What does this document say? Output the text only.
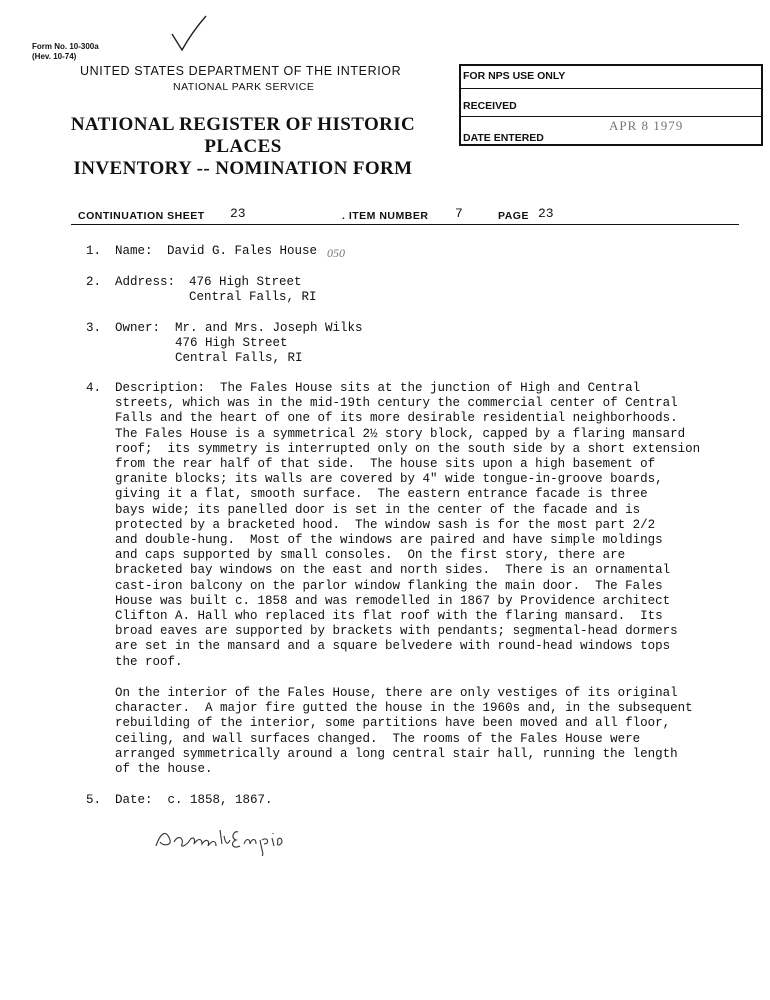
Form No. 10-300a
(Hev. 10-74)
UNITED STATES DEPARTMENT OF THE INTERIOR
NATIONAL PARK SERVICE
NATIONAL REGISTER OF HISTORIC PLACES
INVENTORY -- NOMINATION FORM
FOR NPS USE ONLY
RECEIVED
DATE ENTERED
APR 8 1979
CONTINUATION SHEET 23	. ITEM NUMBER 7	PAGE 23
1. Name: David G. Fales House 050
2. Address: 476 High Street
Central Falls, RI
3. Owner: Mr. and Mrs. Joseph Wilks
476 High Street
Central Falls, RI
4. Description:  The Fales House sits at the junction of High and Central
streets, which was in the mid-19th century the commercial center of Central
Falls and the heart of one of its more desirable residential neighborhoods.
The Fales House is a symmetrical 2½ story block, capped by a flaring mansard
roof;  its symmetry is interrupted only on the south side by a short extension
from the rear half of that side.  The house sits upon a high basement of
granite blocks; its walls are covered by 4" wide tongue-in-groove boards,
giving it a flat, smooth surface.  The eastern entrance facade is three
bays wide; its panelled door is set in the center of the facade and is
protected by a bracketed hood.  The window sash is for the most part 2/2
and double-hung.  Most of the windows are paired and have simple moldings
and caps supported by small consoles.  On the first story, there are
bracketed bay windows on the east and north sides.  There is an ornamental
cast-iron balcony on the parlor window flanking the main door.  The Fales
House was built c. 1858 and was remodelled in 1867 by Providence architect
Clifton A. Hall who replaced its flat roof with the flaring mansard.  Its
broad eaves are supported by brackets with pendants; segmental-head dormers
are set in the mansard and a square belvedere with round-head windows tops
the roof.
On the interior of the Fales House, there are only vestiges of its original
character.  A major fire gutted the house in the 1960s and, in the subsequent
rebuilding of the interior, some partitions have been moved and all floor,
ceiling, and wall surfaces changed.  The rooms of the Fales House were
arranged symmetrically around a long central stair hall, running the length
of the house.
5. Date:  c. 1858, 1867.
